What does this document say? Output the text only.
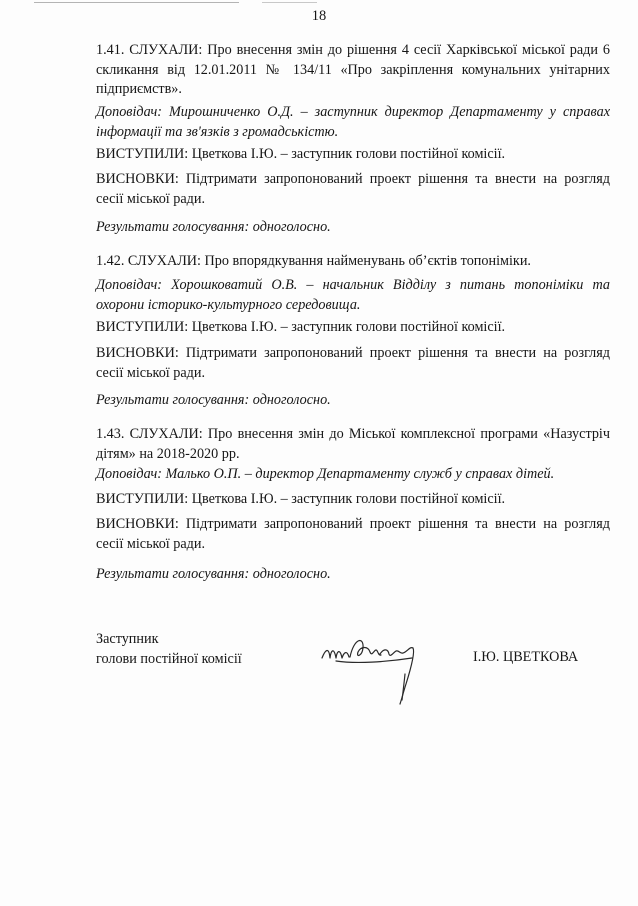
18
1.41. СЛУХАЛИ: Про внесення змін до рішення 4 сесії Харківської міської ради 6 скликання від 12.01.2011 № 134/11 «Про закріплення комунальних унітарних підприємств».
Доповідач: Мирошниченко О.Д. – заступник директор Департаменту у справах інформації та зв'язків з громадськістю.
ВИСТУПИЛИ: Цветкова І.Ю. – заступник голови постійної комісії.
ВИСНОВКИ: Підтримати запропонований проект рішення та внести на розгляд сесії міської ради.
Результати голосування: одноголосно.
1.42. СЛУХАЛИ: Про впорядкування найменувань об’єктів топоніміки.
Доповідач: Хорошковатий О.В. – начальник Відділу з питань топоніміки та охорони історико-культурного середовища.
ВИСТУПИЛИ: Цветкова І.Ю. – заступник голови постійної комісії.
ВИСНОВКИ: Підтримати запропонований проект рішення та внести на розгляд сесії міської ради.
Результати голосування: одноголосно.
1.43. СЛУХАЛИ: Про внесення змін до Міської комплексної програми «Назустріч дітям» на 2018-2020 рр.
Доповідач: Малько О.П. – директор Департаменту служб у справах дітей.
ВИСТУПИЛИ: Цветкова І.Ю. – заступник голови постійної комісії.
ВИСНОВКИ: Підтримати запропонований проект рішення та внести на розгляд сесії міської ради.
Результати голосування: одноголосно.
Заступник
голови постійної комісії	І.Ю. ЦВЕТКОВА
